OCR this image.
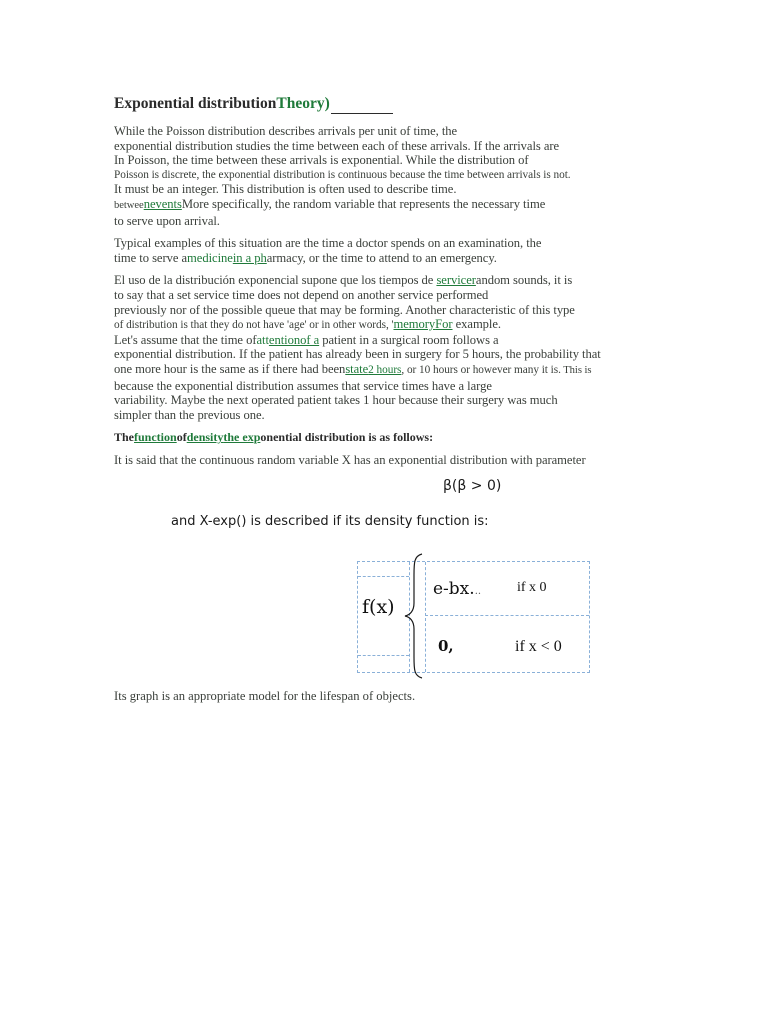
Exponential distributionTheory)
While the Poisson distribution describes arrivals per unit of time, the
exponential distribution studies the time between each of these arrivals. If the arrivals are
In Poisson, the time between these arrivals is exponential. While the distribution of
Poisson is discrete, the exponential distribution is continuous because the time between arrivals is not.
It must be an integer. This distribution is often used to describe time.
betweeneventsMore specifically, the random variable that represents the necessary time
to serve upon arrival.
Typical examples of this situation are the time a doctor spends on an examination, the
time to serve amedicinein a pharmacy, or the time to attend to an emergency.
El uso de la distribución exponencial supone que los tiempos de servicerandom sounds, it is
to say that a set service time does not depend on another service performed
previously nor of the possible queue that may be forming. Another characteristic of this type
of distribution is that they do not have 'age' or in other words, 'memoryFor example.
Let's assume that the time ofattentionof a patient in a surgical room follows a
exponential distribution. If the patient has already been in surgery for 5 hours, the probability that
one more hour is the same as if there had beenstate2 hours, or 10 hours or however many it is. This is
because the exponential distribution assumes that service times have a large
variability. Maybe the next operated patient takes 1 hour because their surgery was much
simpler than the previous one.
Thefunctionofdensitythe exponential distribution is as follows:
It is said that the continuous random variable X has an exponential distribution with parameter
β(β > 0)
and X-exp() is described if its density function is:
f(x)
e-bx...	if x 0
0,	if x < 0
Its graph is an appropriate model for the lifespan of objects.
